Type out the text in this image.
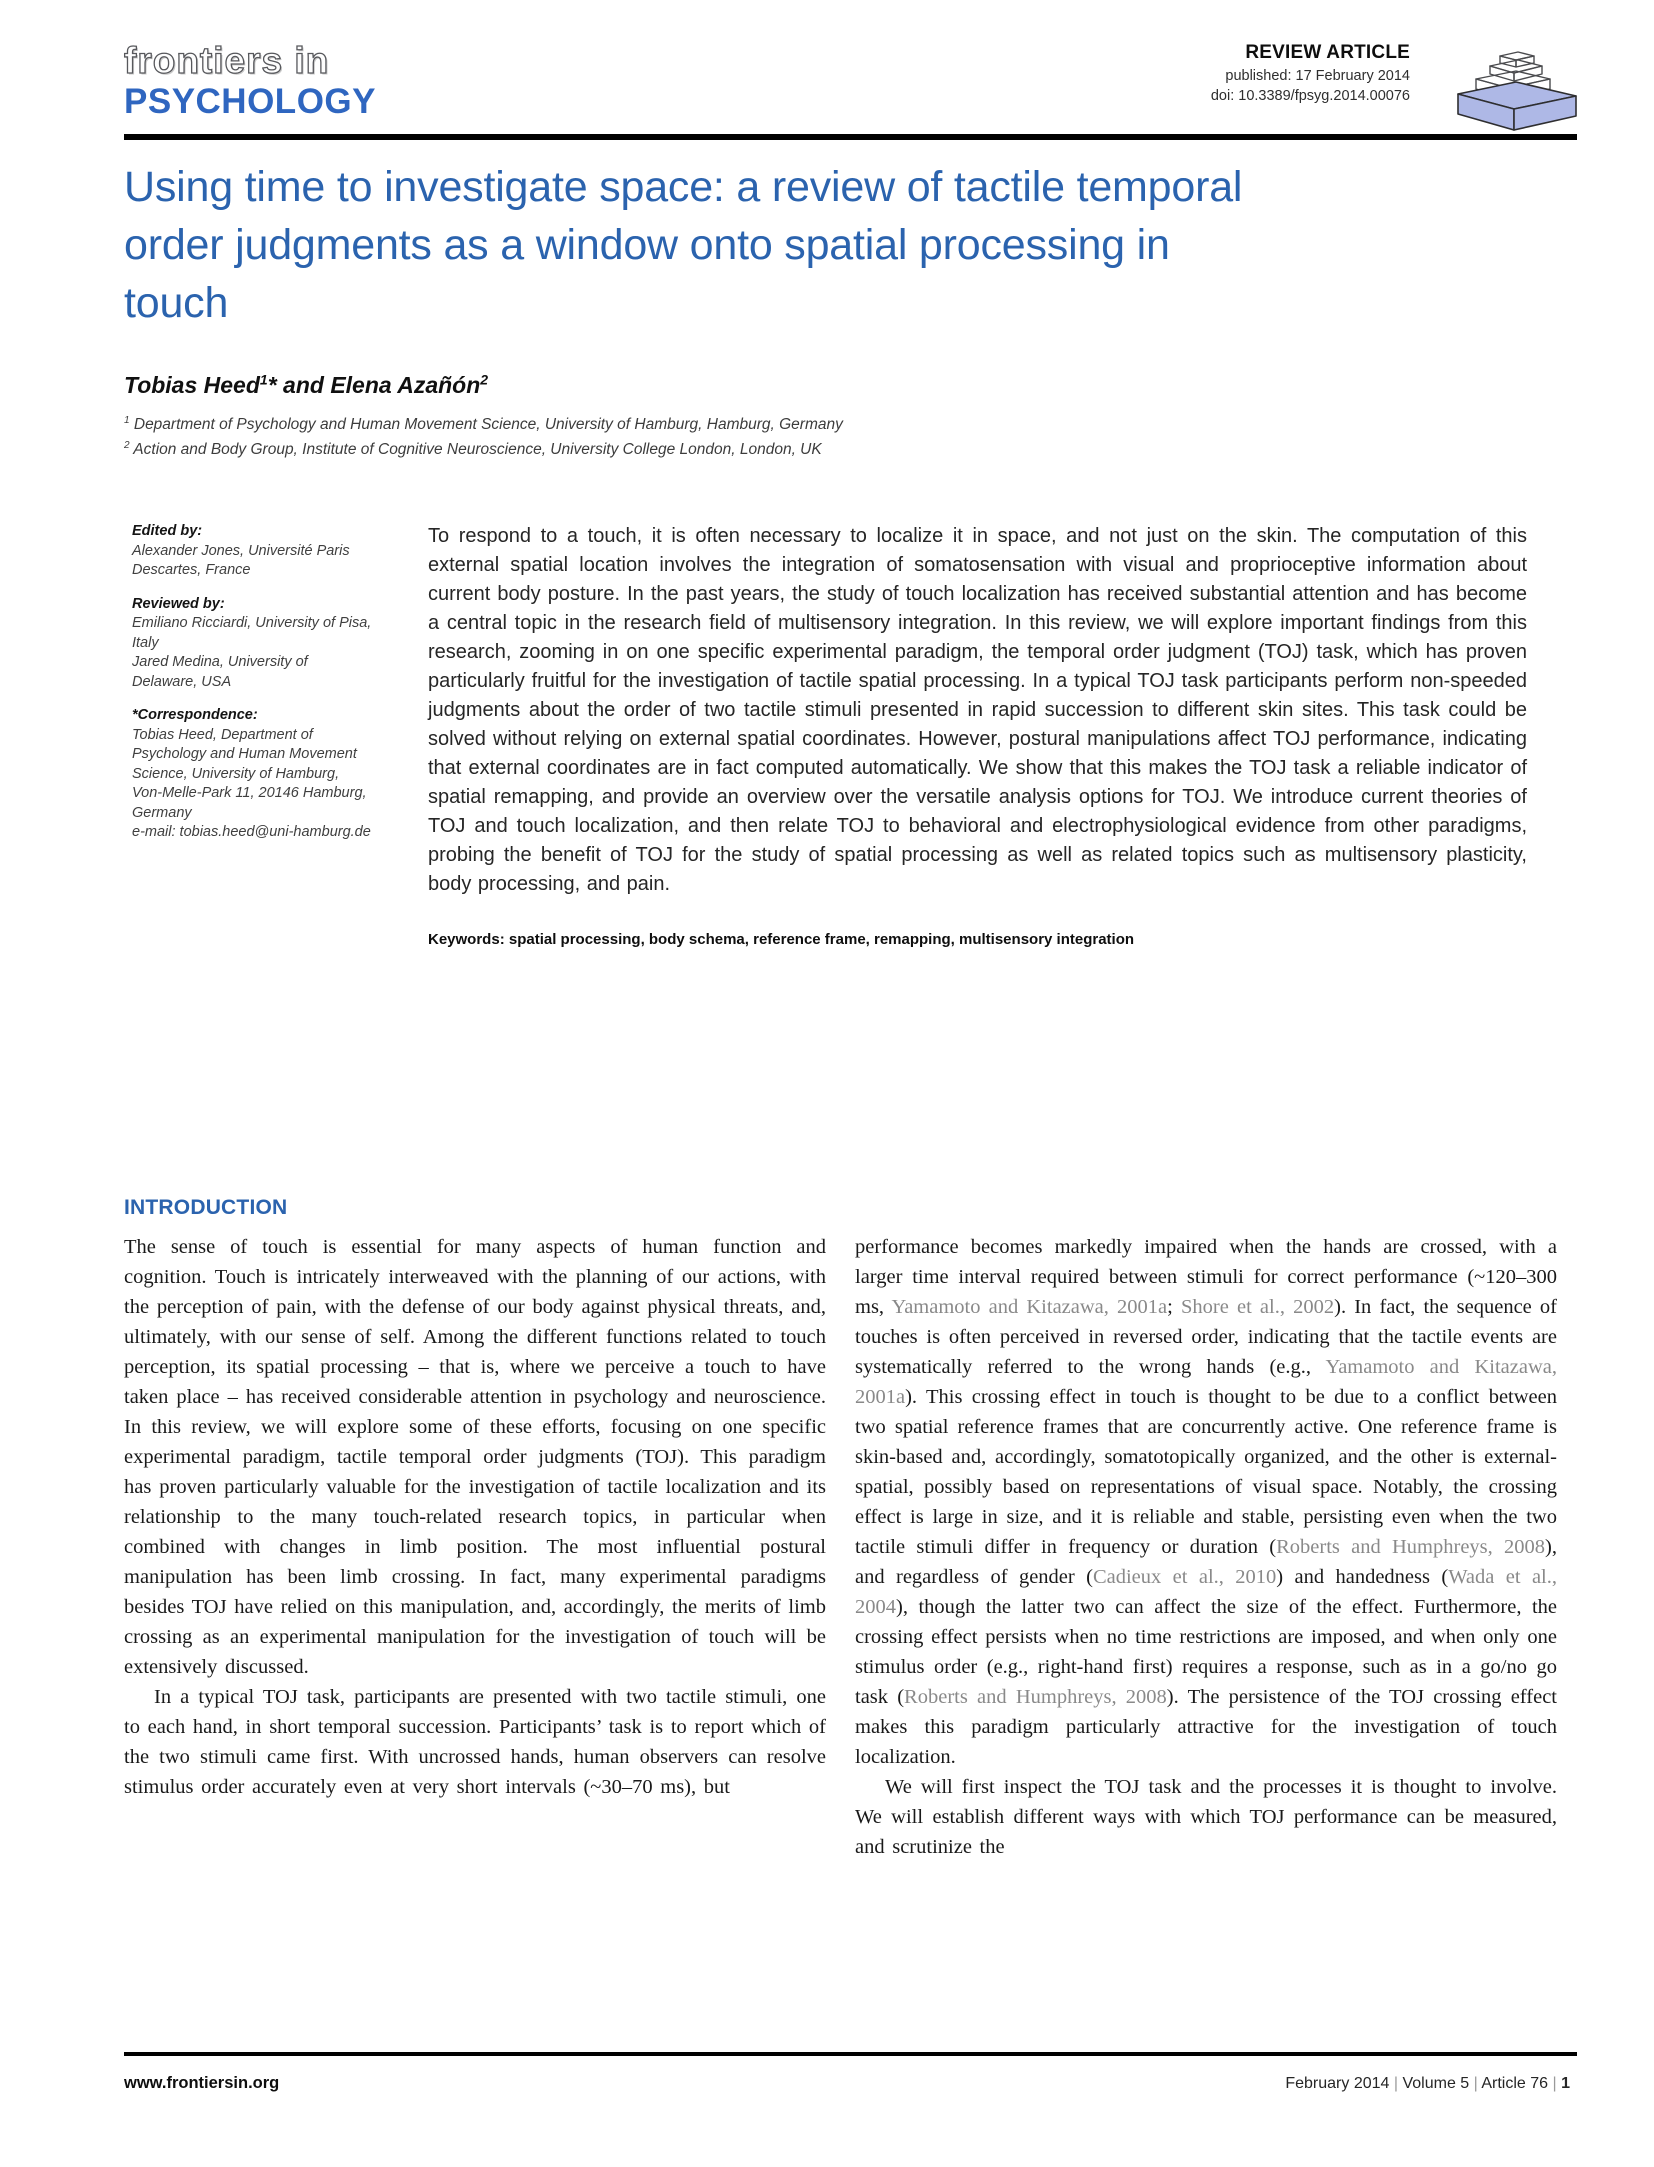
frontiers in
PSYCHOLOGY
REVIEW ARTICLE
published: 17 February 2014
doi: 10.3389/fpsyg.2014.00076
Using time to investigate space: a review of tactile temporal
order judgments as a window onto spatial processing in
touch
Tobias Heed$^1$* and Elena Azañón$^2$
$^1$ Department of Psychology and Human Movement Science, University of Hamburg, Hamburg, Germany
$^2$ Action and Body Group, Institute of Cognitive Neuroscience, University College London, London, UK
Edited by:
Alexander Jones, Université Paris Descartes, France
Reviewed by:
Emiliano Ricciardi, University of Pisa, Italy
Jared Medina, University of Delaware, USA
*Correspondence:
Tobias Heed, Department of Psychology and Human Movement Science, University of Hamburg, Von-Melle-Park 11, 20146 Hamburg, Germany
e-mail: tobias.heed@uni-hamburg.de
To respond to a touch, it is often necessary to localize it in space, and not just on the skin. The computation of this external spatial location involves the integration of somatosensation with visual and proprioceptive information about current body posture. In the past years, the study of touch localization has received substantial attention and has become a central topic in the research field of multisensory integration. In this review, we will explore important findings from this research, zooming in on one specific experimental paradigm, the temporal order judgment (TOJ) task, which has proven particularly fruitful for the investigation of tactile spatial processing. In a typical TOJ task participants perform non-speeded judgments about the order of two tactile stimuli presented in rapid succession to different skin sites. This task could be solved without relying on external spatial coordinates. However, postural manipulations affect TOJ performance, indicating that external coordinates are in fact computed automatically. We show that this makes the TOJ task a reliable indicator of spatial remapping, and provide an overview over the versatile analysis options for TOJ. We introduce current theories of TOJ and touch localization, and then relate TOJ to behavioral and electrophysiological evidence from other paradigms, probing the benefit of TOJ for the study of spatial processing as well as related topics such as multisensory plasticity, body processing, and pain.
Keywords: spatial processing, body schema, reference frame, remapping, multisensory integration
INTRODUCTION

The sense of touch is essential for many aspects of human function and cognition. Touch is intricately interweaved with the planning of our actions, with the perception of pain, with the defense of our body against physical threats, and, ultimately, with our sense of self. Among the different functions related to touch perception, its spatial processing – that is, where we perceive a touch to have taken place – has received considerable attention in psychology and neuroscience. In this review, we will explore some of these efforts, focusing on one specific experimental paradigm, tactile temporal order judgments (TOJ). This paradigm has proven particularly valuable for the investigation of tactile localization and its relationship to the many touch-related research topics, in particular when combined with changes in limb position. The most influential postural manipulation has been limb crossing. In fact, many experimental paradigms besides TOJ have relied on this manipulation, and, accordingly, the merits of limb crossing as an experimental manipulation for the investigation of touch will be extensively discussed.

In a typical TOJ task, participants are presented with two tactile stimuli, one to each hand, in short temporal succession. Participants’ task is to report which of the two stimuli came first. With uncrossed hands, human observers can resolve stimulus order accurately even at very short intervals (~30–70 ms), but

performance becomes markedly impaired when the hands are crossed, with a larger time interval required between stimuli for correct performance (~120–300 ms, Yamamoto and Kitazawa, 2001a; Shore et al., 2002). In fact, the sequence of touches is often perceived in reversed order, indicating that the tactile events are systematically referred to the wrong hands (e.g., Yamamoto and Kitazawa, 2001a). This crossing effect in touch is thought to be due to a conflict between two spatial reference frames that are concurrently active. One reference frame is skin-based and, accordingly, somatotopically organized, and the other is external-spatial, possibly based on representations of visual space. Notably, the crossing effect is large in size, and it is reliable and stable, persisting even when the two tactile stimuli differ in frequency or duration (Roberts and Humphreys, 2008), and regardless of gender (Cadieux et al., 2010) and handedness (Wada et al., 2004), though the latter two can affect the size of the effect. Furthermore, the crossing effect persists when no time restrictions are imposed, and when only one stimulus order (e.g., right-hand first) requires a response, such as in a go/no go task (Roberts and Humphreys, 2008). The persistence of the TOJ crossing effect makes this paradigm particularly attractive for the investigation of touch localization.

We will first inspect the TOJ task and the processes it is thought to involve. We will establish different ways with which TOJ performance can be measured, and scrutinize the

www.frontiersin.org	February 2014 | Volume 5 | Article 76 | 1
